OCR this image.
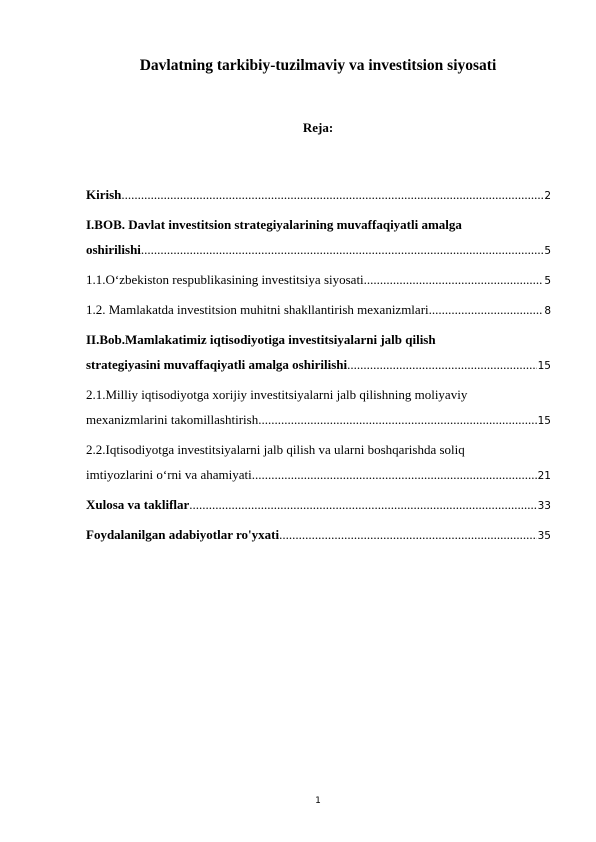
Davlatning tarkibiy-tuzilmaviy va investitsion siyosati
Reja:
Kirish .....	2
I.BOB. Davlat investitsion strategiyalarining muvaffaqiyatli amalga
oshirilishi .....	5
1.1.O‘zbekiston respublikasining investitsiya siyosati .....	5
1.2. Mamlakatda investitsion muhitni shakllantirish mexanizmlari .....	8
II.Bob.Mamlakatimiz iqtisodiyotiga investitsiyalarni jalb qilish
strategiyasini muvaffaqiyatli amalga oshirilishi .....	15
2.1.Milliy iqtisodiyotga xorijiy investitsiyalarni jalb qilishning moliyaviy
mexanizmlarini takomillashtirish .....	15
2.2.Iqtisodiyotga investitsiyalarni jalb qilish va ularni boshqarishda soliq
imtiyozlarini o‘rni va ahamiyati .....	21
Xulosa va takliflar .....	33
Foydalanilgan adabiyotlar ro'yxati .....	35
1
